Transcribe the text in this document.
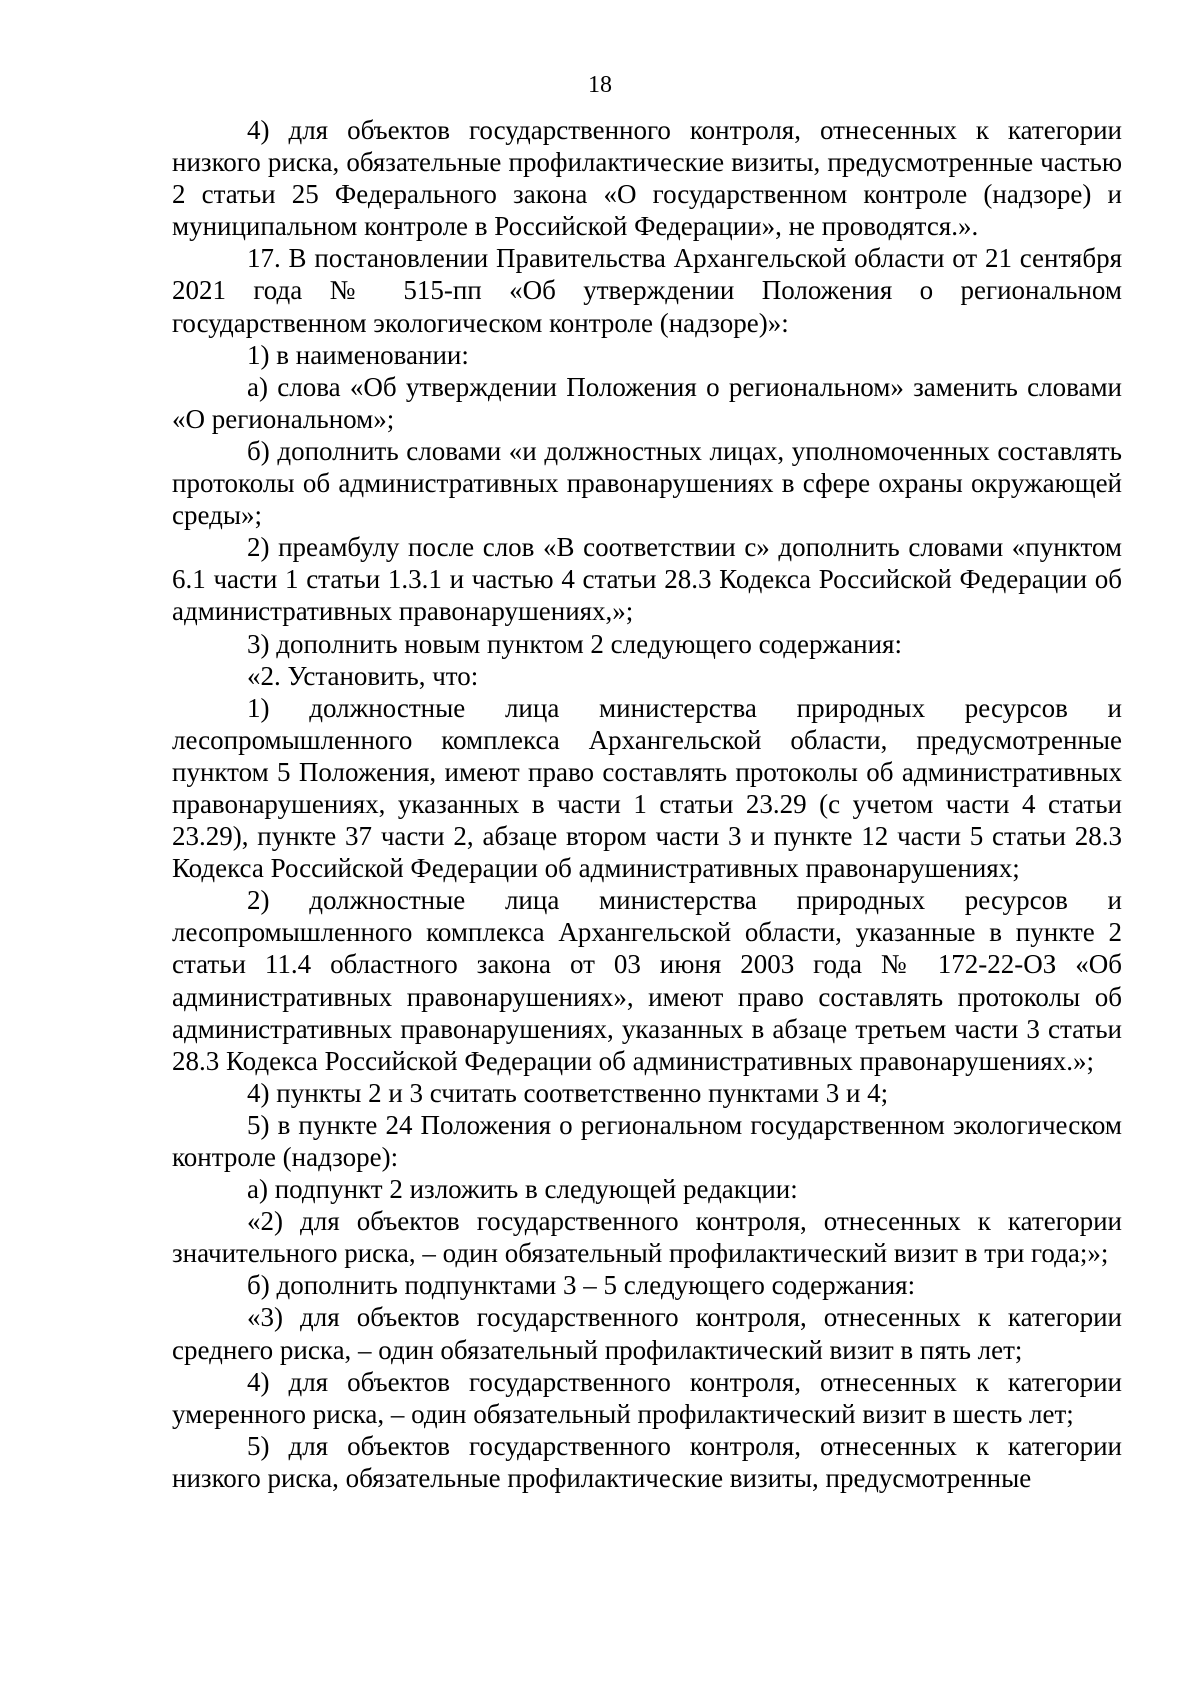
18

4) для объектов государственного контроля, отнесенных к категории низкого риска, обязательные профилактические визиты, предусмотренные частью 2 статьи 25 Федерального закона «О государственном контроле (надзоре) и муниципальном контроле в Российской Федерации», не проводятся.».

17. В постановлении Правительства Архангельской области от 21 сентября 2021 года № 515-пп «Об утверждении Положения о региональном государственном экологическом контроле (надзоре)»:

1) в наименовании:

а) слова «Об утверждении Положения о региональном» заменить словами «О региональном»;

б) дополнить словами «и должностных лицах, уполномоченных составлять протоколы об административных правонарушениях в сфере охраны окружающей среды»;

2) преамбулу после слов «В соответствии с» дополнить словами «пунктом 6.1 части 1 статьи 1.3.1 и частью 4 статьи 28.3 Кодекса Российской Федерации об административных правонарушениях,»;

3) дополнить новым пунктом 2 следующего содержания:

«2. Установить, что:

1) должностные лица министерства природных ресурсов и лесопромышленного комплекса Архангельской области, предусмотренные пунктом 5 Положения, имеют право составлять протоколы об административных правонарушениях, указанных в части 1 статьи 23.29 (с учетом части 4 статьи 23.29), пункте 37 части 2, абзаце втором части 3 и пункте 12 части 5 статьи 28.3 Кодекса Российской Федерации об административных правонарушениях;

2) должностные лица министерства природных ресурсов и лесопромышленного комплекса Архангельской области, указанные в пункте 2 статьи 11.4 областного закона от 03 июня 2003 года № 172-22-ОЗ «Об административных правонарушениях», имеют право составлять протоколы об административных правонарушениях, указанных в абзаце третьем части 3 статьи 28.3 Кодекса Российской Федерации об административных правонарушениях.»;

4) пункты 2 и 3 считать соответственно пунктами 3 и 4;

5) в пункте 24 Положения о региональном государственном экологическом контроле (надзоре):

а) подпункт 2 изложить в следующей редакции:

«2) для объектов государственного контроля, отнесенных к категории значительного риска, – один обязательный профилактический визит в три года;»;

б) дополнить подпунктами 3 – 5 следующего содержания:

«3) для объектов государственного контроля, отнесенных к категории среднего риска, – один обязательный профилактический визит в пять лет;

4) для объектов государственного контроля, отнесенных к категории умеренного риска, – один обязательный профилактический визит в шесть лет;

5) для объектов государственного контроля, отнесенных к категории низкого риска, обязательные профилактические визиты, предусмотренные
